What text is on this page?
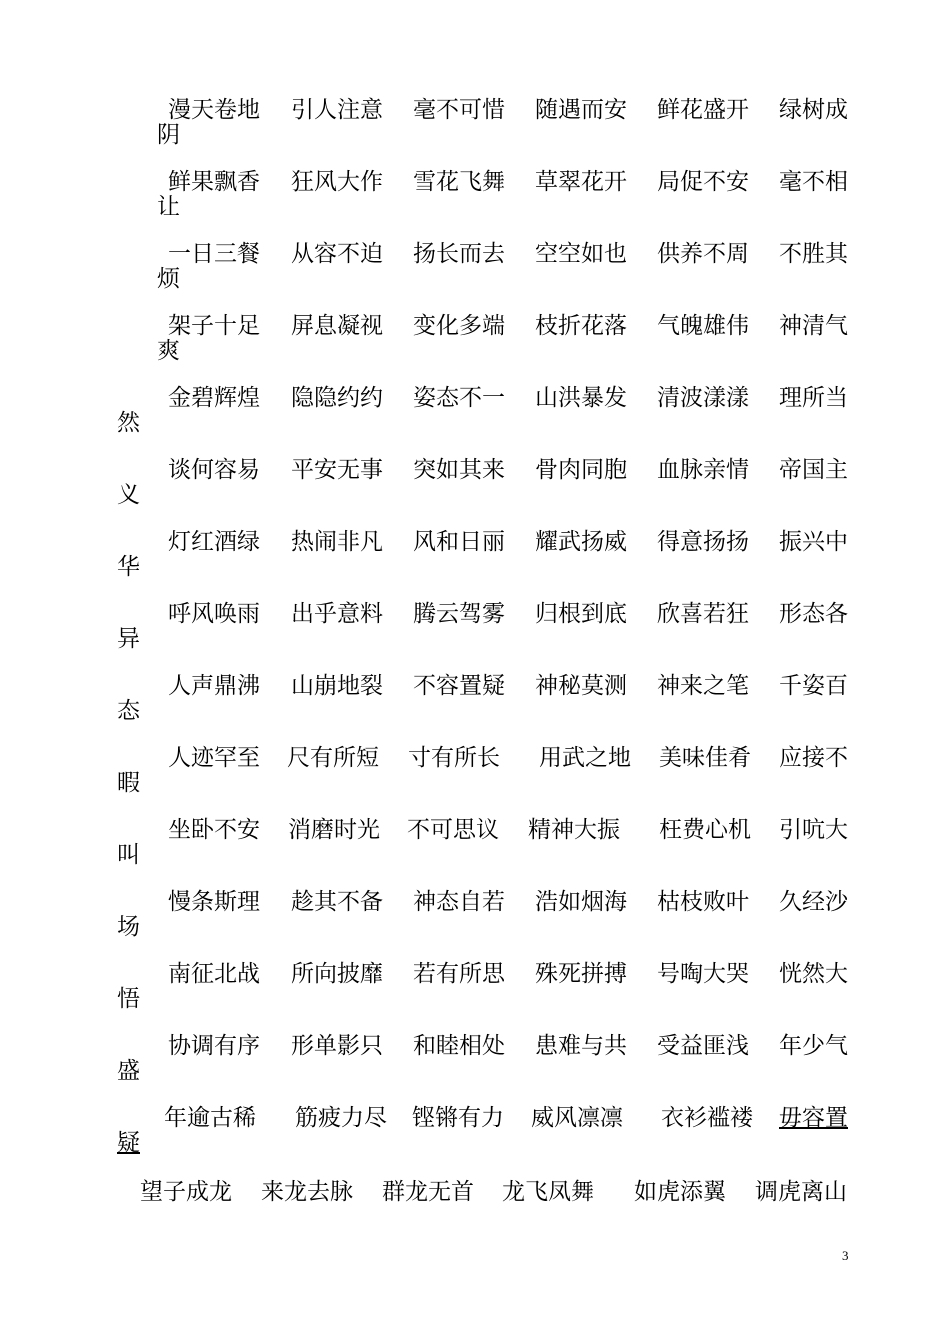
漫天卷地 引人注意 毫不可惜 随遇而安 鲜花盛开 绿树成
阴
鲜果飘香 狂风大作 雪花飞舞 草翠花开 局促不安 毫不相
让
一日三餐 从容不迫 扬长而去 空空如也 供养不周 不胜其
烦
架子十足 屏息凝视 变化多端 枝折花落 气魄雄伟 神清气
爽
金碧辉煌 隐隐约约 姿态不一 山洪暴发 清波漾漾 理所当
然
谈何容易 平安无事 突如其来 骨肉同胞 血脉亲情 帝国主
义
灯红酒绿 热闹非凡 风和日丽 耀武扬威 得意扬扬 振兴中
华
呼风唤雨 出乎意料 腾云驾雾 归根到底 欣喜若狂 形态各
异
人声鼎沸 山崩地裂 不容置疑 神秘莫测 神来之笔 千姿百
态
人迹罕至 尺有所短 寸有所长 用武之地 美味佳肴 应接不
暇
坐卧不安 消磨时光 不可思议 精神大振 枉费心机 引吭大
叫
慢条斯理 趁其不备 神态自若 浩如烟海 枯枝败叶 久经沙
场
南征北战 所向披靡 若有所思 殊死拼搏 号啕大哭 恍然大
悟
协调有序 形单影只 和睦相处 患难与共 受益匪浅 年少气
盛
年逾古稀 筋疲力尽 铿锵有力 威风凛凛 衣衫褴褛 毋容置
疑
望子成龙 来龙去脉 群龙无首 龙飞凤舞 如虎添翼 调虎离山
3
